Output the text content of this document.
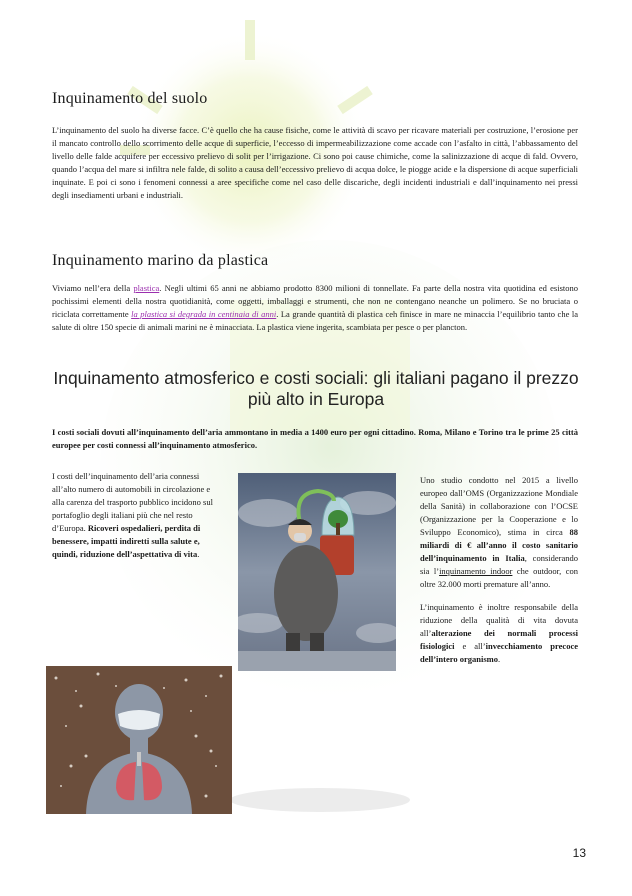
Inquinamento del suolo

L’inquinamento del suolo ha diverse facce. C’è quello che ha cause fisiche, come le attività di scavo per ricavare materiali per costruzione, l’erosione per il mancato controllo dello scorrimento delle acque di superficie, l’eccesso di impermeabilizzazione come accade con l’asfalto in città, l’abbassamento del livello delle falde acquifere per eccessivo prelievo di solit per l’irrigazione. Ci sono poi cause chimiche, come la salinizzazione di acque di fald. Ovvero, quando l’acqua del mare si infiltra nele falde, di solito a causa dell’eccessivo prelievo di acqua dolce, le piogge acide e la dispersione di acque superficiali inquinate. E poi ci sono i fenomeni connessi a aree specifiche come nel caso delle discariche, degli incidenti industriali e dall’inquinamento nei pressi degli insediamenti urbani e industriali.

Inquinamento marino da plastica

Viviamo nell’era della plastica. Negli ultimi 65 anni ne abbiamo prodotto 8300 milioni di tonnellate. Fa parte della nostra vita quotidina ed esistono pochissimi elementi della nostra quotidianità, come oggetti, imballaggi e strumenti, che non ne contengano neanche un polimero. Se no bruciata o riciclata correttamente la plastica si degrada in centinaia di anni. La grande quantità di plastica ceh finisce in mare ne minaccia l’equilibrio tanto che la salute di oltre 150 specie di animali marini ne è minacciata. La plastica viene ingerita, scambiata per pesce o per plancton.

Inquinamento atmosferico e costi sociali: gli italiani pagano il prezzo più alto in Europa

I costi sociali dovuti all’inquinamento dell’aria ammontano in media a 1400 euro per ogni cittadino. Roma, Milano e Torino tra le prime 25 città europee per costi connessi all’inquinamento atmosferico.

I costi dell’inquinamento dell’aria connessi all’alto numero di automobili in circolazione e alla carenza del trasporto pubblico incidono sul portafoglio degli italiani più che nel resto d’Europa. Ricoveri ospedalieri, perdita di benessere, impatti indiretti sulla salute e, quindi, riduzione dell’aspettativa di vita.

Uno studio condotto nel 2015 a livello europeo dall’OMS (Organizzazione Mondiale della Sanità) in collaborazione con l’OCSE (Organizzazione per la Cooperazione e lo Sviluppo Economico), stima in circa 88 miliardi di € all’anno il costo sanitario dell’inquinamento in Italia, considerando sia l’inquinamento indoor che outdoor, con oltre 32.000 morti premature all’anno.

L’inquinamento è inoltre responsabile della riduzione della qualità di vita dovuta all’alterazione dei normali processi fisiologici e all’invecchiamento precoce dell’intero organismo.

13
